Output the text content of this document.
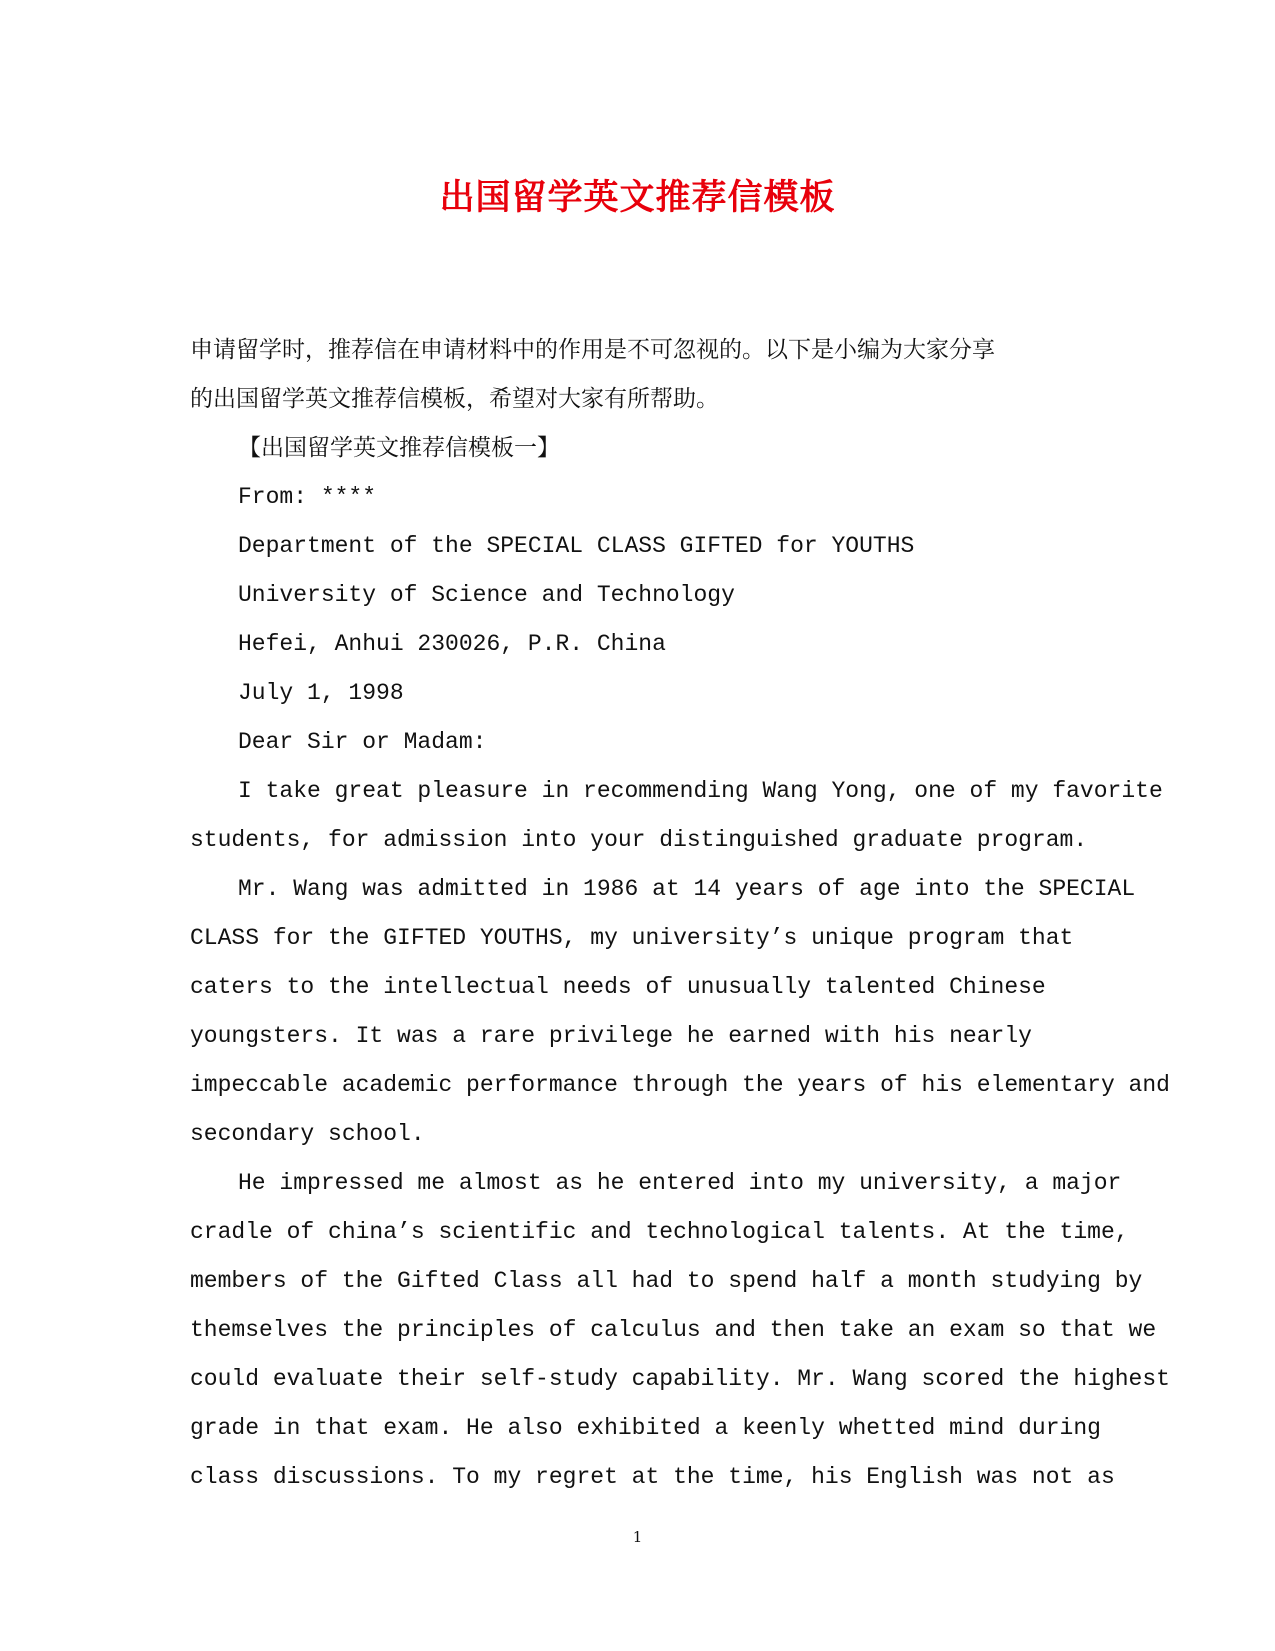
出国留学英文推荐信模板
申请留学时，推荐信在申请材料中的作用是不可忽视的。以下是小编为大家分享
的出国留学英文推荐信模板，希望对大家有所帮助。
【出国留学英文推荐信模板一】
From: ****
Department of the SPECIAL CLASS GIFTED for YOUTHS
University of Science and Technology
Hefei, Anhui 230026, P.R. China
July 1, 1998
Dear Sir or Madam:
I take great pleasure in recommending Wang Yong, one of my favorite
students, for admission into your distinguished graduate program.
Mr. Wang was admitted in 1986 at 14 years of age into the SPECIAL
CLASS for the GIFTED YOUTHS, my university’s unique program that
caters to the intellectual needs of unusually talented Chinese
youngsters. It was a rare privilege he earned with his nearly
impeccable academic performance through the years of his elementary and
secondary school.
He impressed me almost as he entered into my university, a major
cradle of china’s scientific and technological talents. At the time,
members of the Gifted Class all had to spend half a month studying by
themselves the principles of calculus and then take an exam so that we
could evaluate their self-study capability. Mr. Wang scored the highest
grade in that exam. He also exhibited a keenly whetted mind during
class discussions. To my regret at the time, his English was not as
1
